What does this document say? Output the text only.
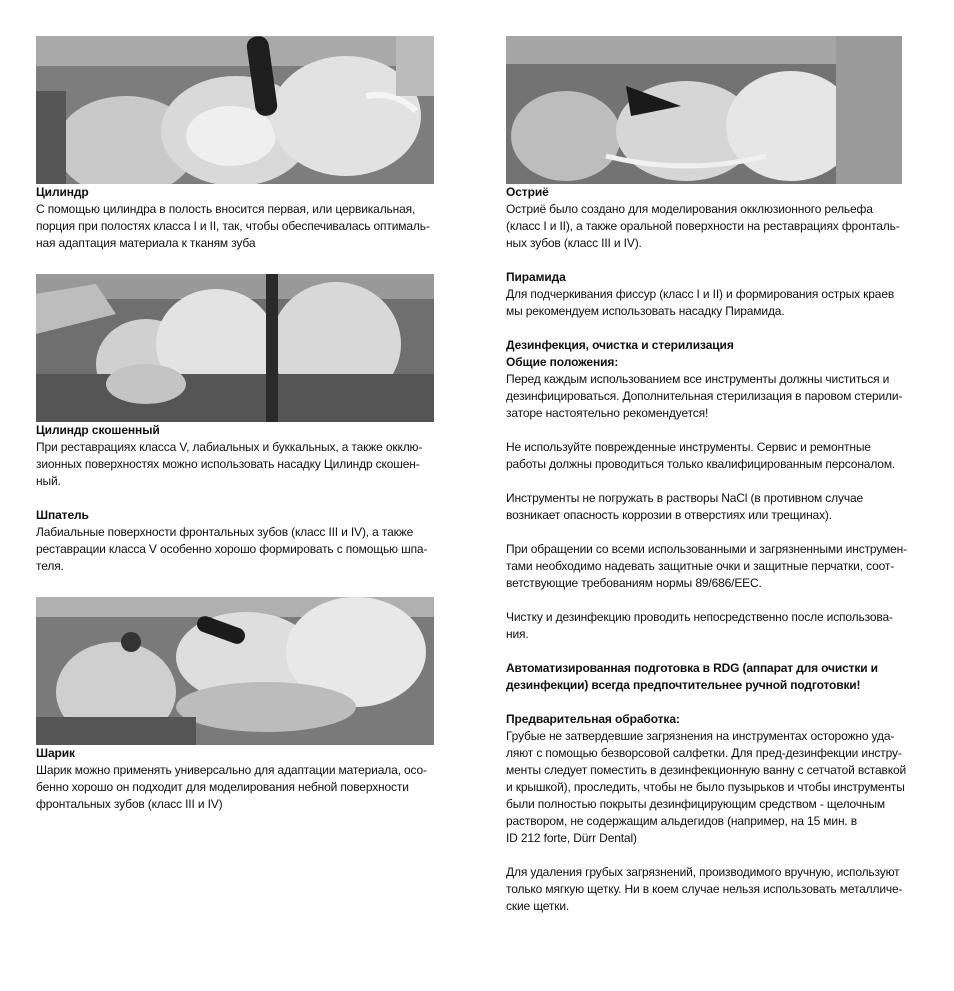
Цилиндр

С помощью цилиндра в полость вносится первая, или цервикальная,
порция при полостях класса I и II, так, чтобы обеспечивалась оптималь-
ная адаптация материала к тканям зуба

Цилиндр скошенный

При реставрациях класса V, лабиальных и буккальных, а также окклю-
зионных поверхностях можно использовать насадку Цилиндр скошен-
ный.

Шпатель

Лабиальные поверхности фронтальных зубов (класс III и IV), а также
реставрации класса V особенно хорошо формировать с помощью шпа-
теля.

Шарик

Шарик можно применять универсально для адаптации материала, осо-
бенно хорошо он подходит для моделирования небной поверхности
фронтальных зубов (класс III и IV)

Остриё

Остриё было создано для моделирования окклюзионного рельефа
(класс I и II), а также оральной поверхности на реставрациях фронталь-
ных зубов (класс III и IV).

Пирамида

Для подчеркивания фиссур (класс I и II) и формирования острых краев
мы рекомендуем использовать насадку Пирамида.

Дезинфекция, очистка и стерилизация

Общие положения:

Перед каждым использованием все инструменты должны чиститься и
дезинфицироваться. Дополнительная стерилизация в паровом стерили-
заторе настоятельно рекомендуется!

Не используйте поврежденные инструменты. Сервис и ремонтные
работы должны проводиться только квалифицированным персоналом.

Инструменты не погружать в растворы NaCl (в противном случае
возникает опасность коррозии в отверстиях или трещинах).

При обращении со всеми использованными и загрязненными инструмен-
тами необходимо надевать защитные очки и защитные перчатки, соот-
ветствующие требованиям нормы 89/686/EEC.

Чистку и дезинфекцию проводить непосредственно после использова-
ния.

Автоматизированная подготовка в RDG (аппарат для очистки и
дезинфекции) всегда предпочтительнее ручной подготовки!

Предварительная обработка:

Грубые не затвердевшие загрязнения на инструментах осторожно уда-
ляют с помощью безворсовой салфетки. Для пред-дезинфекции инстру-
менты следует поместить в дезинфекционную ванну с сетчатой вставкой
и крышкой), проследить, чтобы не было пузырьков и чтобы инструменты
были полностью покрыты дезинфицирующим средством - щелочным
раствором, не содержащим альдегидов (например, на 15 мин. в
ID 212 forte, Dürr Dental)

Для удаления грубых загрязнений, производимого вручную, используют
только мягкую щетку. Ни в коем случае нельзя использовать металличе-
ские щетки.
